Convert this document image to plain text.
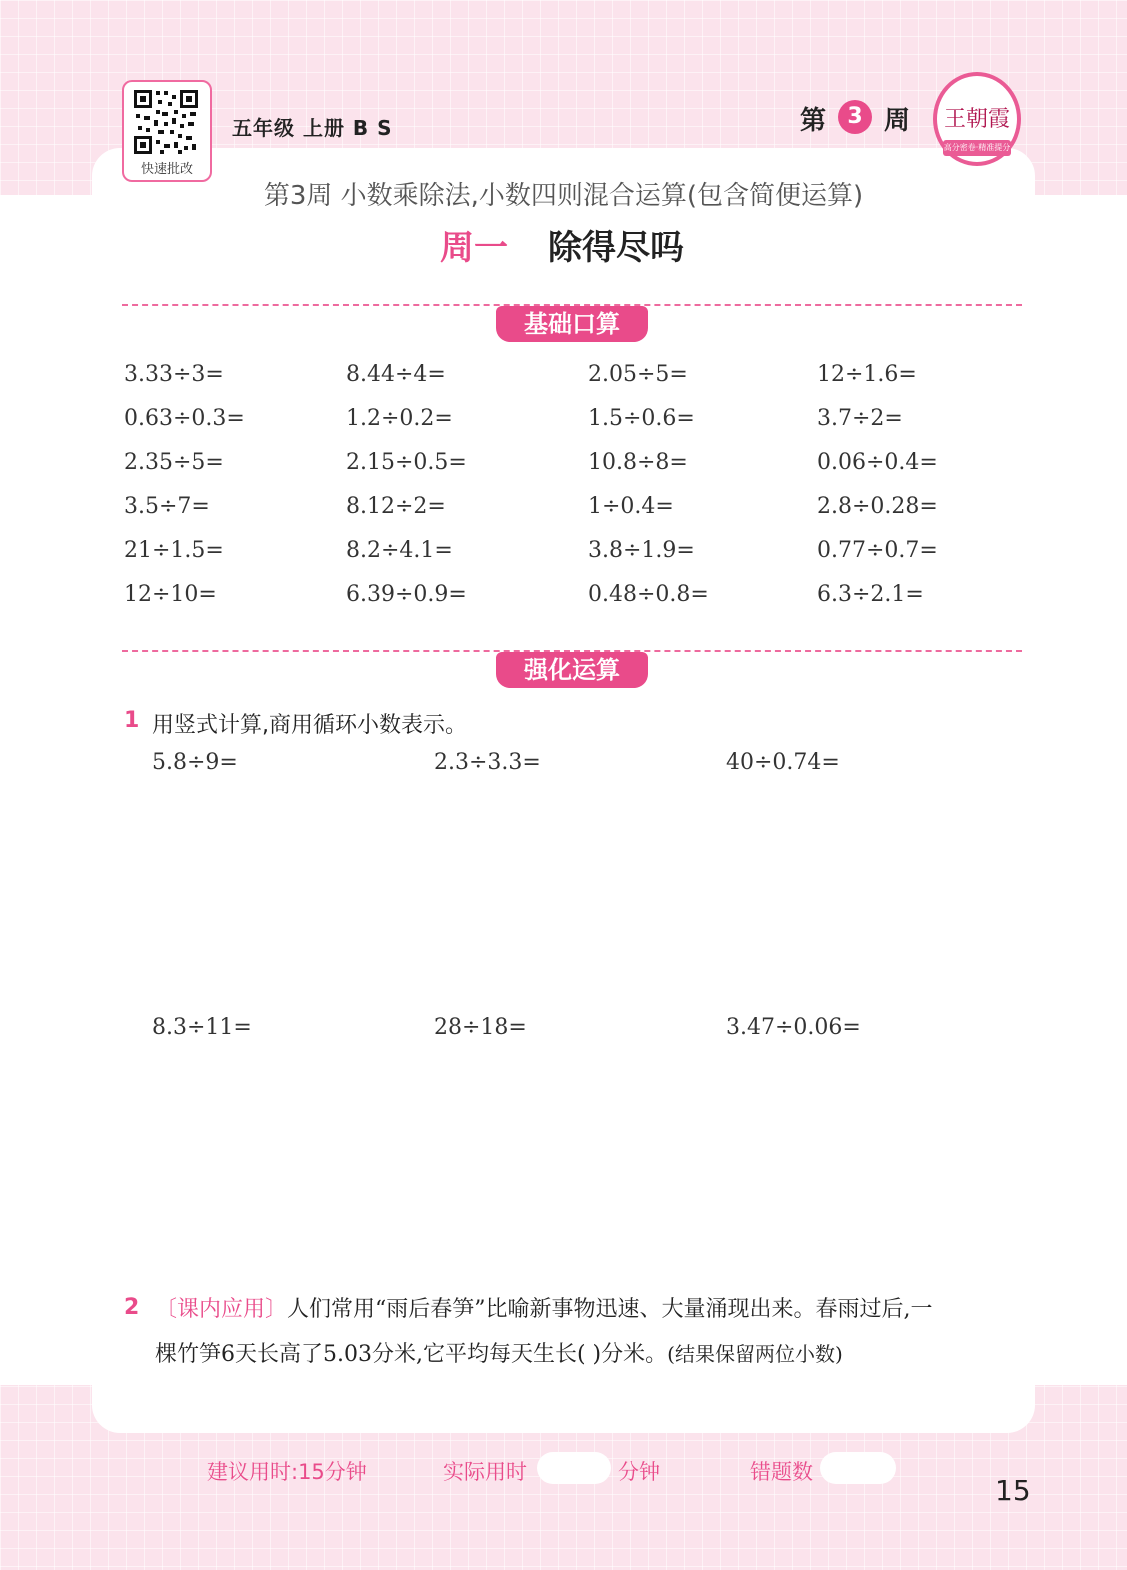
快速批改
五年级 上册 B S	第 周
3	王朝霞
高分密卷·精准提分
第3周 小数乘除法,小数四则混合运算(包含简便运算)
周一 除得尽吗
基础口算
3.33÷3=	8.44÷4=	2.05÷5=	12÷1.6=
0.63÷0.3=	1.2÷0.2=	1.5÷0.6=	3.7÷2=
2.35÷5=	2.15÷0.5=	10.8÷8=	0.06÷0.4=
3.5÷7=	8.12÷2=	1÷0.4=	2.8÷0.28=
21÷1.5=	8.2÷4.1=	3.8÷1.9=	0.77÷0.7=
12÷10=	6.39÷0.9=	0.48÷0.8=	6.3÷2.1=
强化运算
1 用竖式计算,商用循环小数表示。
5.8÷9=	2.3÷3.3=	40÷0.74=
8.3÷11=	28÷18=	3.47÷0.06=
2 〔课内应用〕人们常用“雨后春笋”比喻新事物迅速、大量涌现出来。春雨过后,一
棵竹笋6天长高了5.03分米,它平均每天生长( )分米。(结果保留两位小数)
建议用时:15分钟	实际用时	分钟	错题数
15
